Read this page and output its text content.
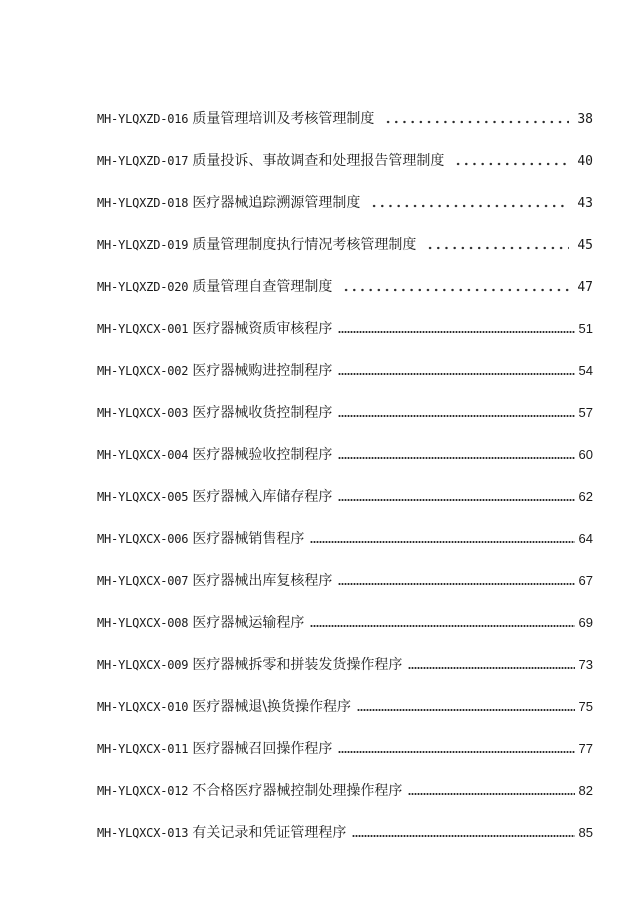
MH-YLQXZD-016 质量管理培训及考核管理制度	38
MH-YLQXZD-017 质量投诉、事故调查和处理报告管理制度	40
MH-YLQXZD-018 医疗器械追踪溯源管理制度	43
MH-YLQXZD-019 质量管理制度执行情况考核管理制度	45
MH-YLQXZD-020 质量管理自查管理制度	47
MH-YLQXCX-001 医疗器械资质审核程序	51
MH-YLQXCX-002 医疗器械购进控制程序	54
MH-YLQXCX-003 医疗器械收货控制程序	57
MH-YLQXCX-004 医疗器械验收控制程序	60
MH-YLQXCX-005 医疗器械入库储存程序	62
MH-YLQXCX-006 医疗器械销售程序	64
MH-YLQXCX-007 医疗器械出库复核程序	67
MH-YLQXCX-008 医疗器械运输程序	69
MH-YLQXCX-009 医疗器械拆零和拼装发货操作程序	73
MH-YLQXCX-010 医疗器械退\换货操作程序	75
MH-YLQXCX-011 医疗器械召回操作程序	77
MH-YLQXCX-012 不合格医疗器械控制处理操作程序	82
MH-YLQXCX-013 有关记录和凭证管理程序	85
